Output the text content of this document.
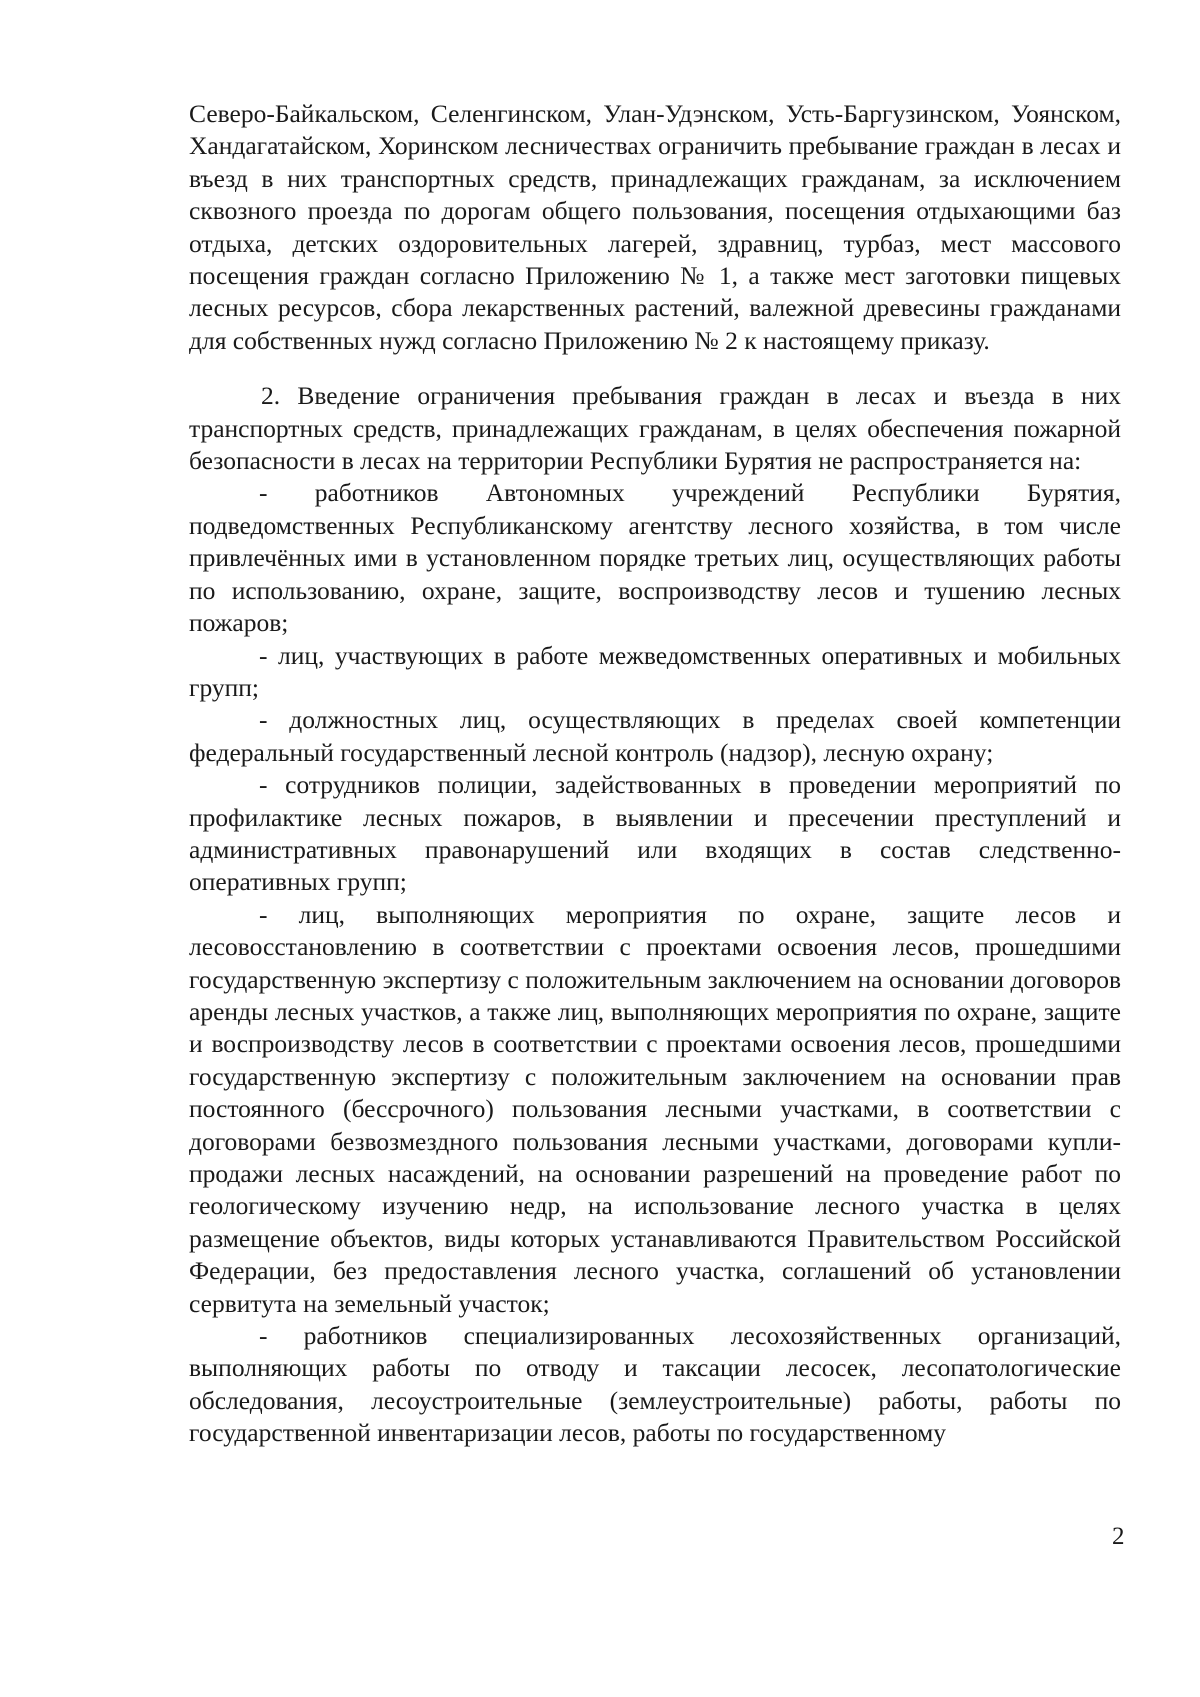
Северо-Байкальском, Селенгинском, Улан-Удэнском, Усть-Баргузинском, Уоянском, Хандагатайском, Хоринском лесничествах ограничить пребывание граждан в лесах и въезд в них транспортных средств, принадлежащих гражданам, за исключением сквозного проезда по дорогам общего пользования, посещения отдыхающими баз отдыха, детских оздоровительных лагерей, здравниц, турбаз, мест массового посещения граждан согласно Приложению № 1, а также мест заготовки пищевых лесных ресурсов, сбора лекарственных растений, валежной древесины гражданами для собственных нужд согласно Приложению № 2 к настоящему приказу.

2. Введение ограничения пребывания граждан в лесах и въезда в них транспортных средств, принадлежащих гражданам, в целях обеспечения пожарной безопасности в лесах на территории Республики Бурятия не распространяется на:

- работников Автономных учреждений Республики Бурятия, подведомственных Республиканскому агентству лесного хозяйства, в том числе привлечённых ими в установленном порядке третьих лиц, осуществляющих работы по использованию, охране, защите, воспроизводству лесов и тушению лесных пожаров;

- лиц, участвующих в работе межведомственных оперативных и мобильных групп;

- должностных лиц, осуществляющих в пределах своей компетенции федеральный государственный лесной контроль (надзор), лесную охрану;

- сотрудников полиции, задействованных в проведении мероприятий по профилактике лесных пожаров, в выявлении и пресечении преступлений и административных правонарушений или входящих в состав следственно-оперативных групп;

- лиц, выполняющих мероприятия по охране, защите лесов и лесовосстановлению в соответствии с проектами освоения лесов, прошедшими государственную экспертизу с положительным заключением на основании договоров аренды лесных участков, а также лиц, выполняющих мероприятия по охране, защите и воспроизводству лесов в соответствии с проектами освоения лесов, прошедшими государственную экспертизу с положительным заключением на основании прав постоянного (бессрочного) пользования лесными участками, в соответствии с договорами безвозмездного пользования лесными участками, договорами купли-продажи лесных насаждений, на основании разрешений на проведение работ по геологическому изучению недр, на использование лесного участка в целях размещение объектов, виды которых устанавливаются Правительством Российской Федерации, без предоставления лесного участка, соглашений об установлении сервитута на земельный участок;

- работников специализированных лесохозяйственных организаций, выполняющих работы по отводу и таксации лесосек, лесопатологические обследования, лесоустроительные (землеустроительные) работы, работы по государственной инвентаризации лесов, работы по государственному

2
